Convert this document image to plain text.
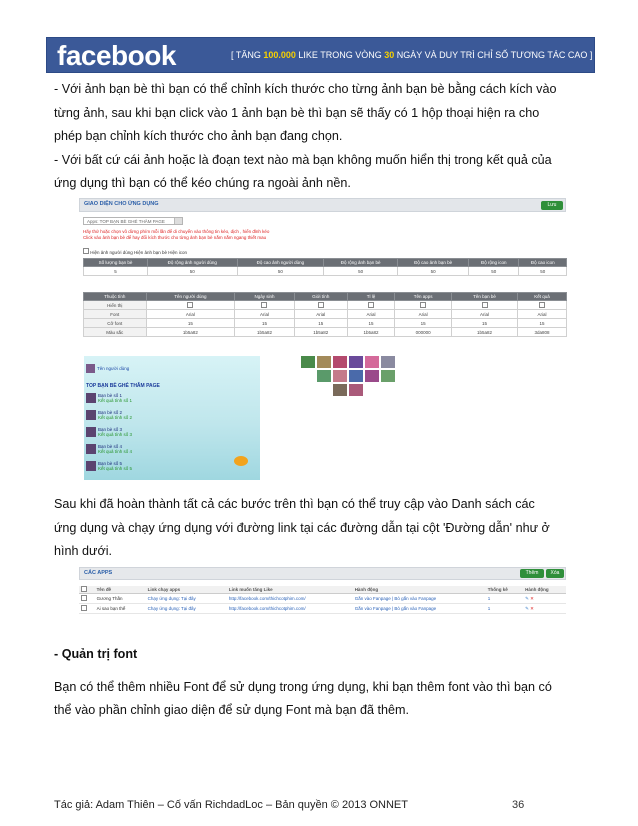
facebook	[ TĂNG 100.000 LIKE TRONG VÒNG 30 NGÀY VÀ DUY TRÌ CHỈ SỐ TƯƠNG TÁC CAO ]

- Với ảnh bạn bè thì bạn có thể chỉnh kích thước cho từng ảnh bạn bè bằng cách kích vào

từng ảnh, sau khi bạn click vào 1 ảnh bạn bè thì bạn sẽ thấy có 1 hộp thoại hiện ra cho

phép bạn chỉnh kích thước cho ảnh bạn đang chọn.

- Với bất cứ cái ảnh hoặc là đoạn text nào mà bạn không muốn hiển thị trong kết quả của

ứng dụng thì bạn có thể kéo chúng ra ngoài ảnh nền.

GIAO DIỆN CHO ỨNG DỤNG	Lưu
Apps: TOP BẠN BÈ GHÉ THĂM PAGE
Hãy thử hoặc chọn vô dừng phím mỗi lần để di chuyển vào thông tin kéo, dịch , hiển đỉnh kéo
Click vào ảnh bạn bè để hay đổi kích thước cho từng ảnh bạn bè nằm nằm ngang thiết mau
Hiện ảnh người dùng Hiện ảnh bạn bè Hiện icon
Số lượng bạn bè	Độ rộng ảnh người dùng	Độ cao ảnh người dùng	Độ rộng ảnh bạn bè	Độ cao ảnh bạn bè	Độ rộng icon	Độ cao icon
5	50	50	50	50	50	50
Thuộc tính	Tên người dùng	Ngày sinh	Giới tính	Tỉ lệ	Tên apps	Tên bạn bè	Kết quả
Hiển thị							
Font	Arial	Arial	Arial	Arial	Arial	Arial	Arial
Cỡ font	15	15	15	15	15	15	15
Màu sắc	1b5a82	1b5a82	1b5a82	1b5a82	000000	1b5a82	3da808
Tên người dùng
TOP BẠN BÈ GHÉ THĂM PAGE
Bạn bè số 1
Kết quả tính số 1
Bạn bè số 2
Kết quả tính số 2
Bạn bè số 3
Kết quả tính số 3
Bạn bè số 4
Kết quả tính số 4
Bạn bè số 5
Kết quả tính số 5

Sau khi đã hoàn thành tất cả các bước trên thì bạn có thể truy cập vào Danh sách các

ứng dụng và chạy ứng dụng với đường link tại các đường dẫn tại cột 'Đường dẫn' như ở

hình dưới.

CÁC APPS	Thêm	Xóa
	Tên đề	Link chạy apps	Link muốn tăng Like	Hành động	Thống kê	Hành động
	Gương Thần	Chạy ứng dụng: Tại đây	http://facebook.com/thichcotphim.com/	Gắn vào Fanpage | Bỏ gắn vào Fanpage	1	✎ ✕
	Ai sao bạn thế	Chạy ứng dụng: Tại đây	http://facebook.com/thichcotphim.com/	Gắn vào Fanpage | Bỏ gắn vào Fanpage	1	✎ ✕

- Quản trị font

Bạn có thể thêm nhiều Font để sử dụng trong ứng dụng, khi bạn thêm font vào thì bạn có

thể vào phần chỉnh giao diện để sử dụng Font mà bạn đã thêm.

Tác giả: Adam Thiên – Cố vấn RichdadLoc – Bản quyền © 2013 ONNET	36
